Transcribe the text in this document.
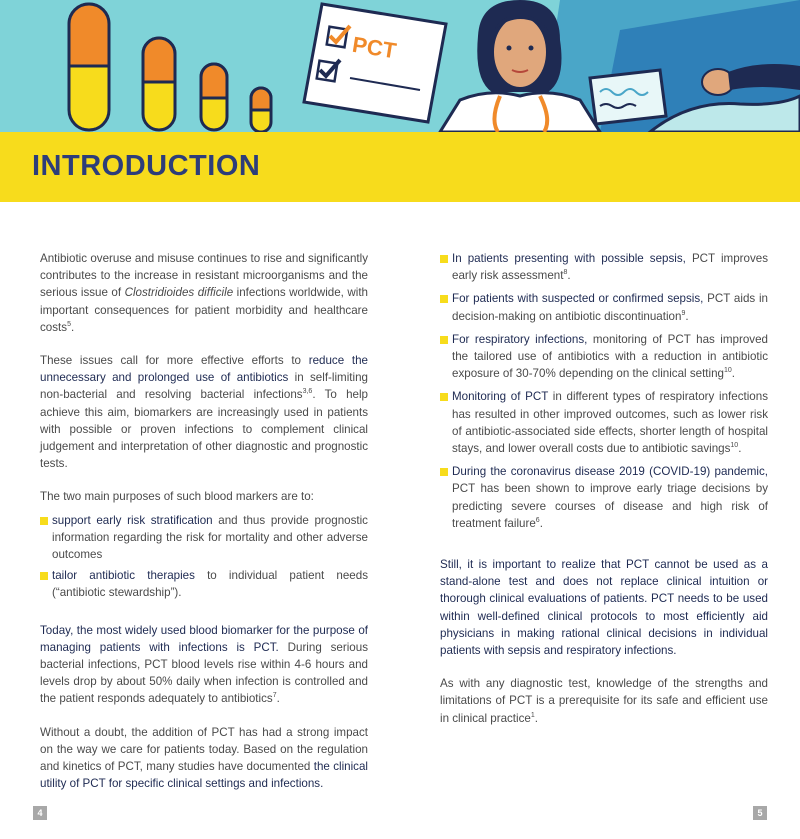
PCT
INTRODUCTION

Antibiotic overuse and misuse continues to rise and significantly contributes to the increase in resistant microorganisms and the serious issue of Clostridioides difficile infections worldwide, with important consequences for patient morbidity and healthcare costs$^5$.

These issues call for more effective efforts to reduce the unnecessary and prolonged use of antibiotics in self-limiting non-bacterial and resolving bacterial infections$^{3,6}$. To help achieve this aim, biomarkers are increasingly used in patients with possible or proven infections to complement clinical judgement and interpretation of other diagnostic and prognostic tests.

The two main purposes of such blood markers are to:

support early risk stratification and thus provide prognostic information regarding the risk for mortality and other adverse outcomes
tailor antibiotic therapies to individual patient needs (“antibiotic stewardship”).

Today, the most widely used blood biomarker for the purpose of managing patients with infections is PCT. During serious bacterial infections, PCT blood levels rise within 4-6 hours and levels drop by about 50% daily when infection is controlled and the patient responds adequately to antibiotics$^7$.

Without a doubt, the addition of PCT has had a strong impact on the way we care for patients today. Based on the regulation and kinetics of PCT, many studies have documented the clinical utility of PCT for specific clinical settings and infections.

In patients presenting with possible sepsis, PCT improves early risk assessment$^8$.
For patients with suspected or confirmed sepsis, PCT aids in decision-making on antibiotic discontinuation$^9$.
For respiratory infections, monitoring of PCT has improved the tailored use of antibiotics with a reduction in antibiotic exposure of 30-70% depending on the clinical setting$^{10}$.
Monitoring of PCT in different types of respiratory infections has resulted in other improved outcomes, such as lower risk of antibiotic-associated side effects, shorter length of hospital stays, and lower overall costs due to antibiotic savings$^{10}$.
During the coronavirus disease 2019 (COVID-19) pandemic, PCT has been shown to improve early triage decisions by predicting severe courses of disease and high risk of treatment failure$^6$.

Still, it is important to realize that PCT cannot be used as a stand-alone test and does not replace clinical intuition or thorough clinical evaluations of patients. PCT needs to be used within well-defined clinical protocols to most efficiently aid physicians in making rational clinical decisions in individual patients with sepsis and respiratory infections.

As with any diagnostic test, knowledge of the strengths and limitations of PCT is a prerequisite for its safe and efficient use in clinical practice$^1$.

4	5
